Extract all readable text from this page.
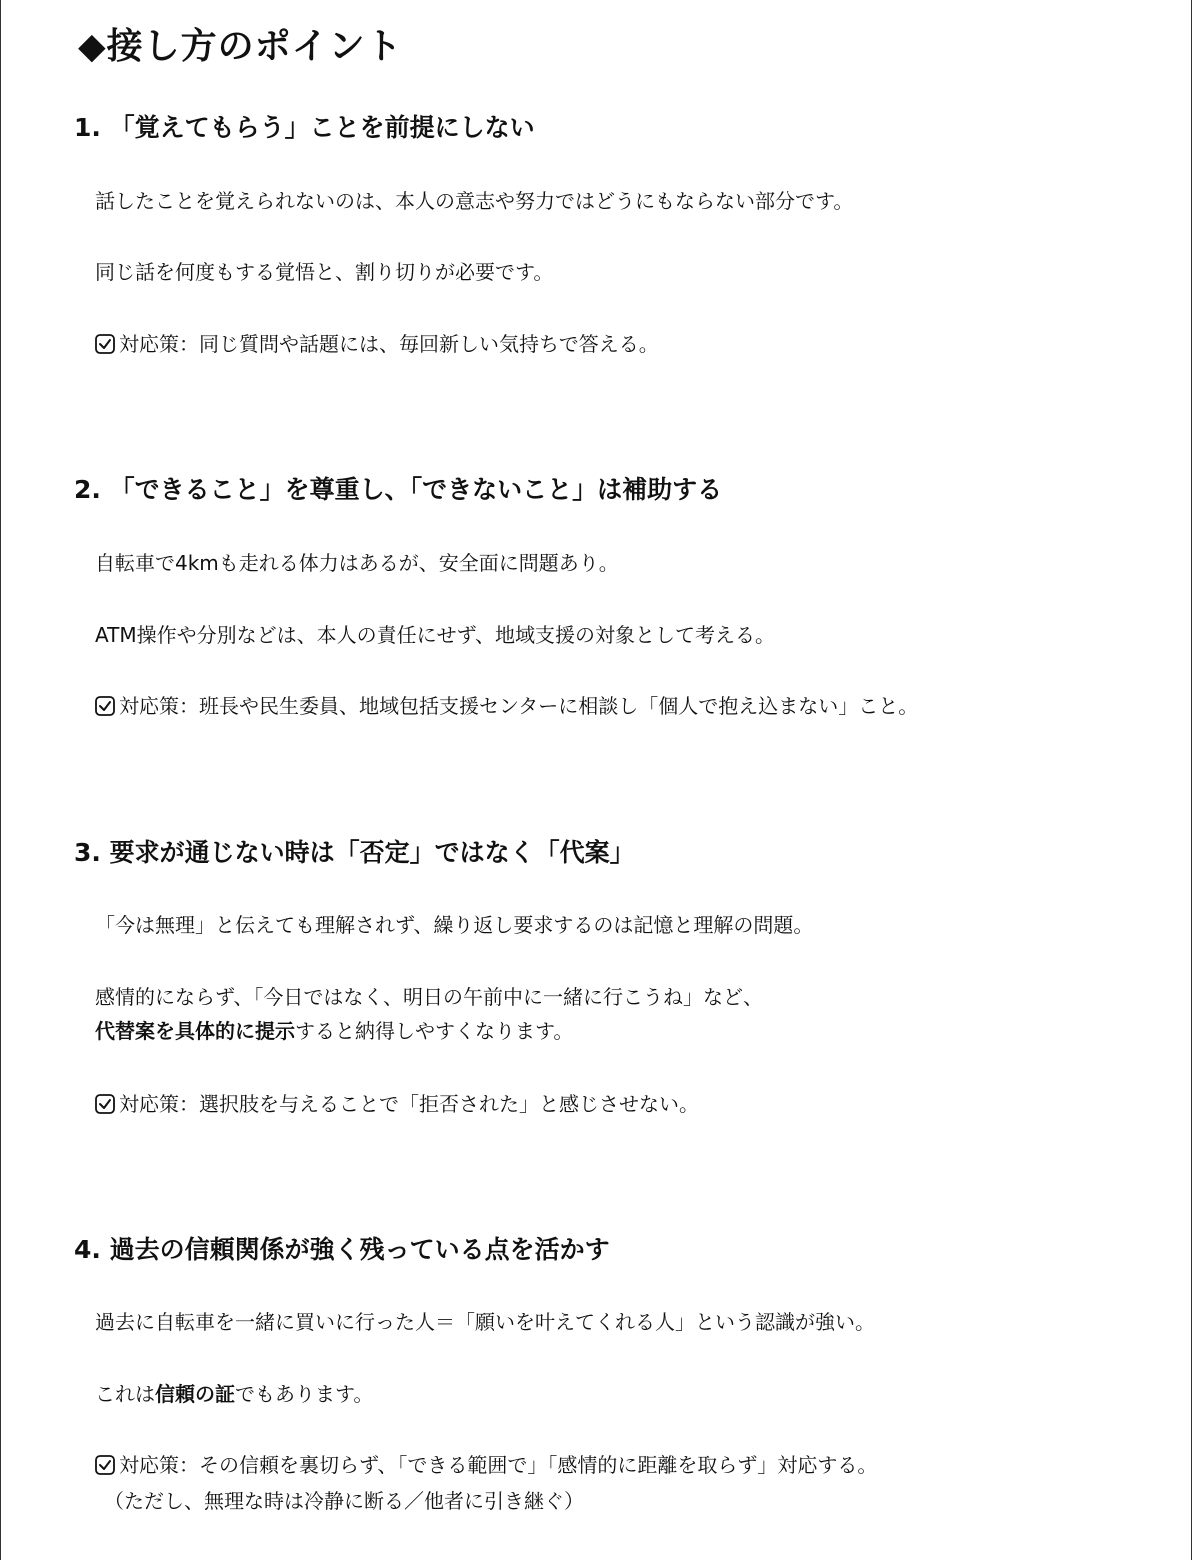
◆接し方のポイント
1. 「覚えてもらう」ことを前提にしない
話したことを覚えられないのは、本人の意志や努力ではどうにもならない部分です。
同じ話を何度もする覚悟と、割り切りが必要です。
対応策：同じ質問や話題には、毎回新しい気持ちで答える。
2. 「できること」を尊重し、「できないこと」は補助する
自転車で4kmも走れる体力はあるが、安全面に問題あり。
ATM操作や分別などは、本人の責任にせず、地域支援の対象として考える。
対応策：班長や民生委員、地域包括支援センターに相談し「個人で抱え込まない」こと。
3. 要求が通じない時は「否定」ではなく「代案」
「今は無理」と伝えても理解されず、繰り返し要求するのは記憶と理解の問題。
感情的にならず、「今日ではなく、明日の午前中に一緒に行こうね」など、
代替案を具体的に提示すると納得しやすくなります。
対応策：選択肢を与えることで「拒否された」と感じさせない。
4. 過去の信頼関係が強く残っている点を活かす
過去に自転車を一緒に買いに行った人＝「願いを叶えてくれる人」という認識が強い。
これは信頼の証でもあります。
対応策：その信頼を裏切らず、「できる範囲で」「感情的に距離を取らず」対応する。
（ただし、無理な時は冷静に断る／他者に引き継ぐ）
